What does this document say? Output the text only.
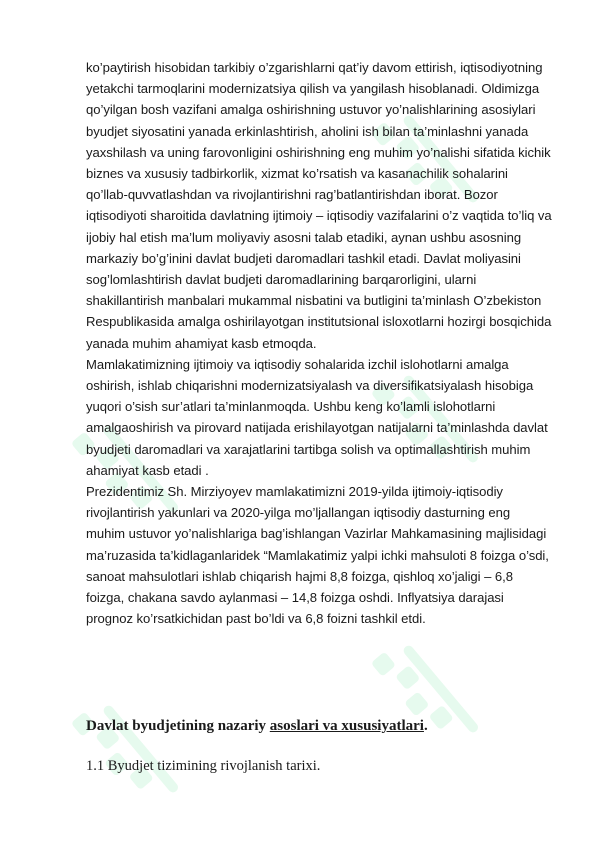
ko’paytirish hisobidan tarkibiy o’zgarishlarni qat’iy davom ettirish, iqtisodiyotning yetakchi tarmoqlarini modernizatsiya qilish va yangilash hisoblanadi. Oldimizga qo’yilgan bosh vazifani amalga oshirishning ustuvor yo’nalishlarining asosiylari byudjet siyosatini yanada erkinlashtirish, aholini ish bilan ta’minlashni yanada yaxshilash va uning farovonligini oshirishning eng muhim yo’nalishi sifatida kichik biznes va xususiy tadbirkorlik, xizmat ko’rsatish va kasanachilik sohalarini qo’llab-quvvatlashdan va rivojlantirishni rag’batlantirishdan iborat. Bozor iqtisodiyoti sharoitida davlatning ijtimoiy – iqtisodiy vazifalarini o’z vaqtida to’liq va ijobiy hal etish ma’lum moliyaviy asosni talab etadiki, aynan ushbu asosning markaziy bo’g’inini davlat budjeti daromadlari tashkil etadi. Davlat moliyasini sog’lomlashtirish davlat budjeti daromadlarining barqarorligini, ularni shakillantirish manbalari mukammal nisbatini va butligini ta’minlash O’zbekiston Respublikasida amalga oshirilayotgan institutsional isloxotlarni hozirgi bosqichida yanada muhim ahamiyat kasb etmoqda.

Mamlakatimizning ijtimoiy va iqtisodiy sohalarida izchil islohotlarni amalga oshirish, ishlab chiqarishni modernizatsiyalash va diversifikatsiyalash hisobiga yuqori o’sish sur’atlari ta’minlanmoqda. Ushbu keng ko’lamli islohotlarni amalgaoshirish va pirovard natijada erishilayotgan natijalarni ta’minlashda davlat byudjeti daromadlari va xarajatlarini tartibga solish va optimallashtirish muhim ahamiyat kasb etadi .

Prezidentimiz Sh. Mirziyoyev mamlakatimizni 2019-yilda ijtimoiy-iqtisodiy rivojlantirish yakunlari va 2020-yilga mo’ljallangan iqtisodiy dasturning eng muhim ustuvor yo’nalishlariga bag’ishlangan Vazirlar Mahkamasining majlisidagi ma’ruzasida ta’kidlaganlaridek “Mamlakatimiz yalpi ichki mahsuloti 8 foizga o’sdi, sanoat mahsulotlari ishlab chiqarish hajmi 8,8 foizga, qishloq xo’jaligi – 6,8 foizga, chakana savdo aylanmasi – 14,8 foizga oshdi. Inflyatsiya darajasi prognoz ko’rsatkichidan past bo’ldi va 6,8 foizni tashkil etdi.

Davlat byudjetining nazariy asoslari va xususiyatlari.
1.1 Byudjet tizimining rivojlanish tarixi.
